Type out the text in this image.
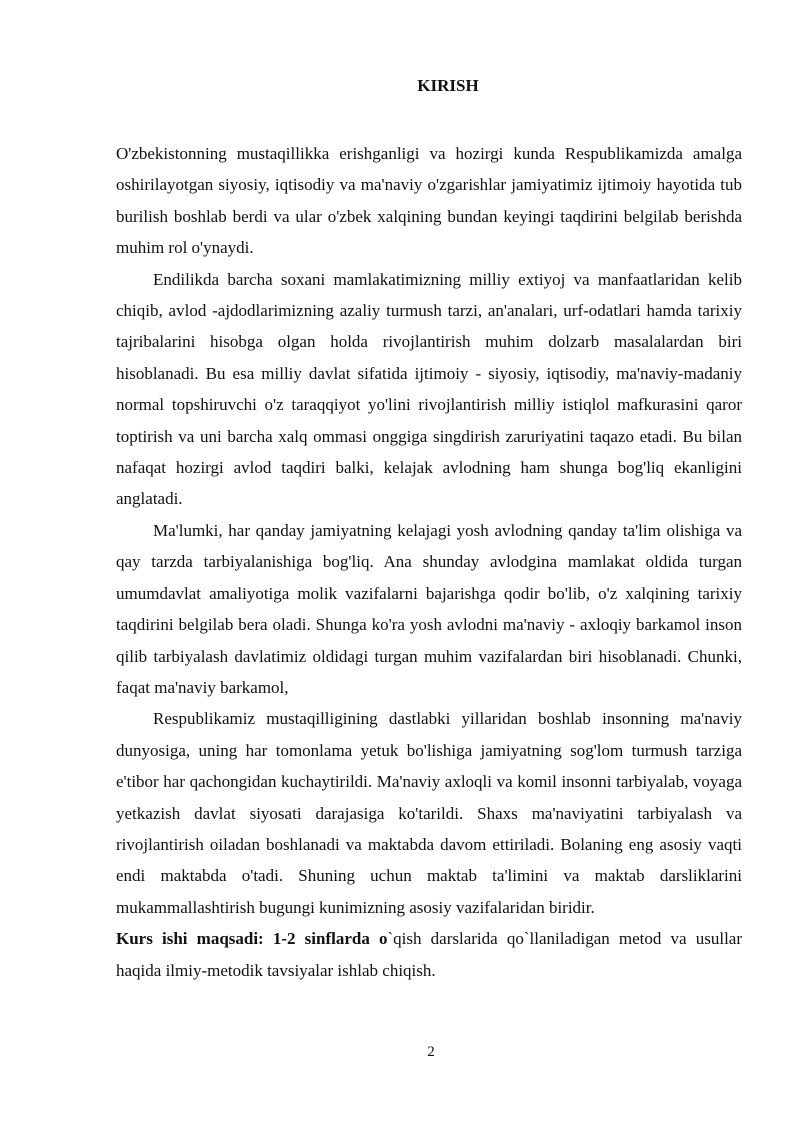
KIRISH

O'zbekistonning mustaqillikka erishganligi va hozirgi kunda Respublikamizda amalga oshirilayotgan siyosiy, iqtisodiy va ma'naviy o'zgarishlar jamiyatimiz ijtimoiy hayotida tub burilish boshlab berdi va ular o'zbek xalqining bundan keyingi taqdirini belgilab berishda muhim rol o'ynaydi.

Endilikda barcha soxani mamlakatimizning milliy extiyoj va manfaatlaridan kelib chiqib, avlod -ajdodlarimizning azaliy turmush tarzi, an'analari, urf-odatlari hamda tarixiy tajribalarini hisobga olgan holda rivojlantirish muhim dolzarb masalalardan biri hisoblanadi. Bu esa milliy davlat sifatida ijtimoiy - siyosiy, iqtisodiy, ma'naviy-madaniy normal topshiruvchi o'z taraqqiyot yo'lini rivojlantirish milliy istiqlol mafkurasini qaror toptirish va uni barcha xalq ommasi onggiga singdirish zaruriyatini taqazo etadi. Bu bilan nafaqat hozirgi avlod taqdiri balki, kelajak avlodning ham shunga bog'liq ekanligini anglatadi.

Ma'lumki, har qanday jamiyatning kelajagi yosh avlodning qanday ta'lim olishiga va qay tarzda tarbiyalanishiga bog'liq. Ana shunday avlodgina mamlakat oldida turgan umumdavlat amaliyotiga molik vazifalarni bajarishga qodir bo'lib, o'z xalqining tarixiy taqdirini belgilab bera oladi. Shunga ko'ra yosh avlodni ma'naviy - axloqiy barkamol inson qilib tarbiyalash davlatimiz oldidagi turgan muhim vazifalardan biri hisoblanadi. Chunki, faqat ma'naviy barkamol,

Respublikamiz mustaqilligining dastlabki yillaridan boshlab insonning ma'naviy dunyosiga, uning har tomonlama yetuk bo'lishiga jamiyatning sog'lom turmush tarziga e'tibor har qachongidan kuchaytirildi. Ma'naviy axloqli va komil insonni tarbiyalab, voyaga yetkazish davlat siyosati darajasiga ko'tarildi. Shaxs ma'naviyatini tarbiyalash va rivojlantirish oiladan boshlanadi va maktabda davom ettiriladi. Bolaning eng asosiy vaqti endi maktabda o'tadi. Shuning uchun maktab ta'limini va maktab darsliklarini mukammallashtirish bugungi kunimizning asosiy vazifalaridan biridir.

Kurs ishi maqsadi: 1-2 sinflarda o`qish darslarida qo`llaniladigan metod va usullar haqida ilmiy-metodik tavsiyalar ishlab chiqish.

2
